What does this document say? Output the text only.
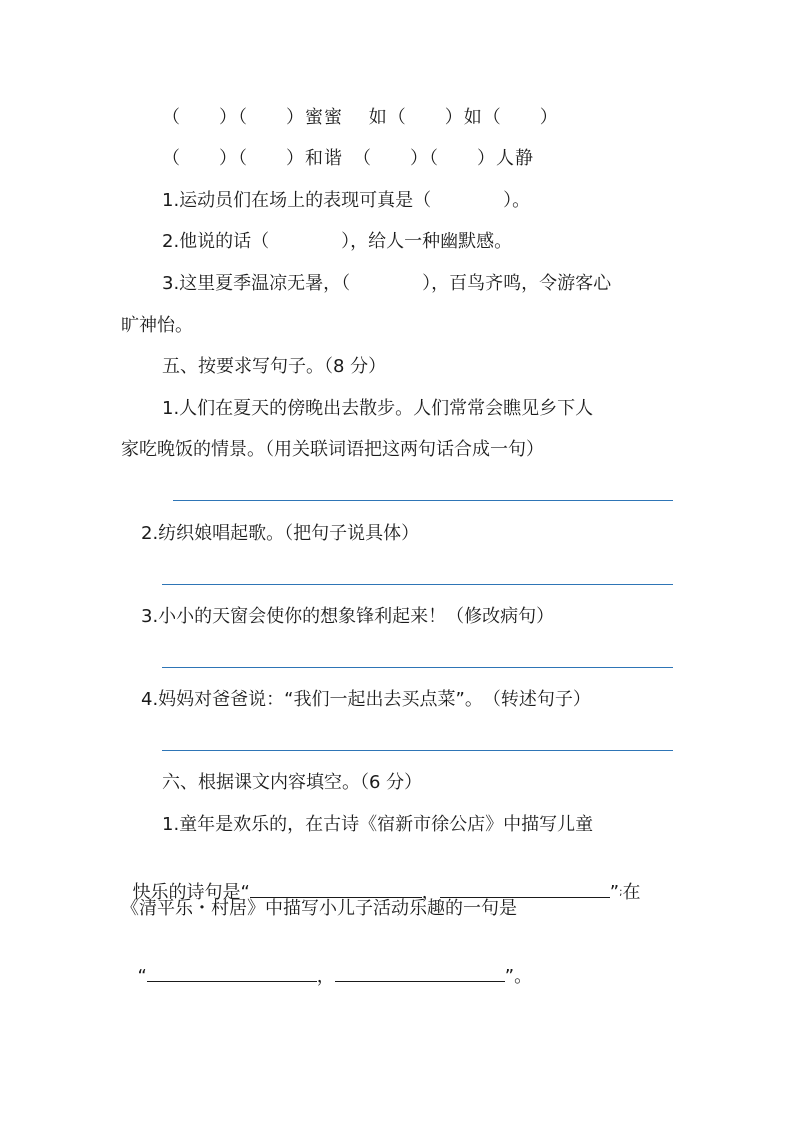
（　　）（　　）蜜蜜　 如（　　）如（　　）
（　　）（　　）和谐　（　　）（　　）人静
1.运动员们在场上的表现可真是（　　　　）。
2.他说的话（　　　　），给人一种幽默感。
3.这里夏季温凉无暑，（　　　　），百鸟齐鸣，令游客心
旷神怡。
五、按要求写句子。（8 分）
1.人们在夏天的傍晚出去散步。人们常常会瞧见乡下人
家吃晚饭的情景。（用关联词语把这两句话合成一句）
2.纺织娘唱起歌。（把句子说具体）
3.小小的天窗会使你的想象锋利起来！（修改病句）
4.妈妈对爸爸说：“我们一起出去买点菜”。　（转述句子）
六、根据课文内容填空。（6 分）
1.童年是欢乐的，在古诗《宿新市徐公店》中描写儿童

快乐的诗句是“	，	”;在

《清平乐・村居》中描写小儿子活动乐趣的一句是

“	，	”。
